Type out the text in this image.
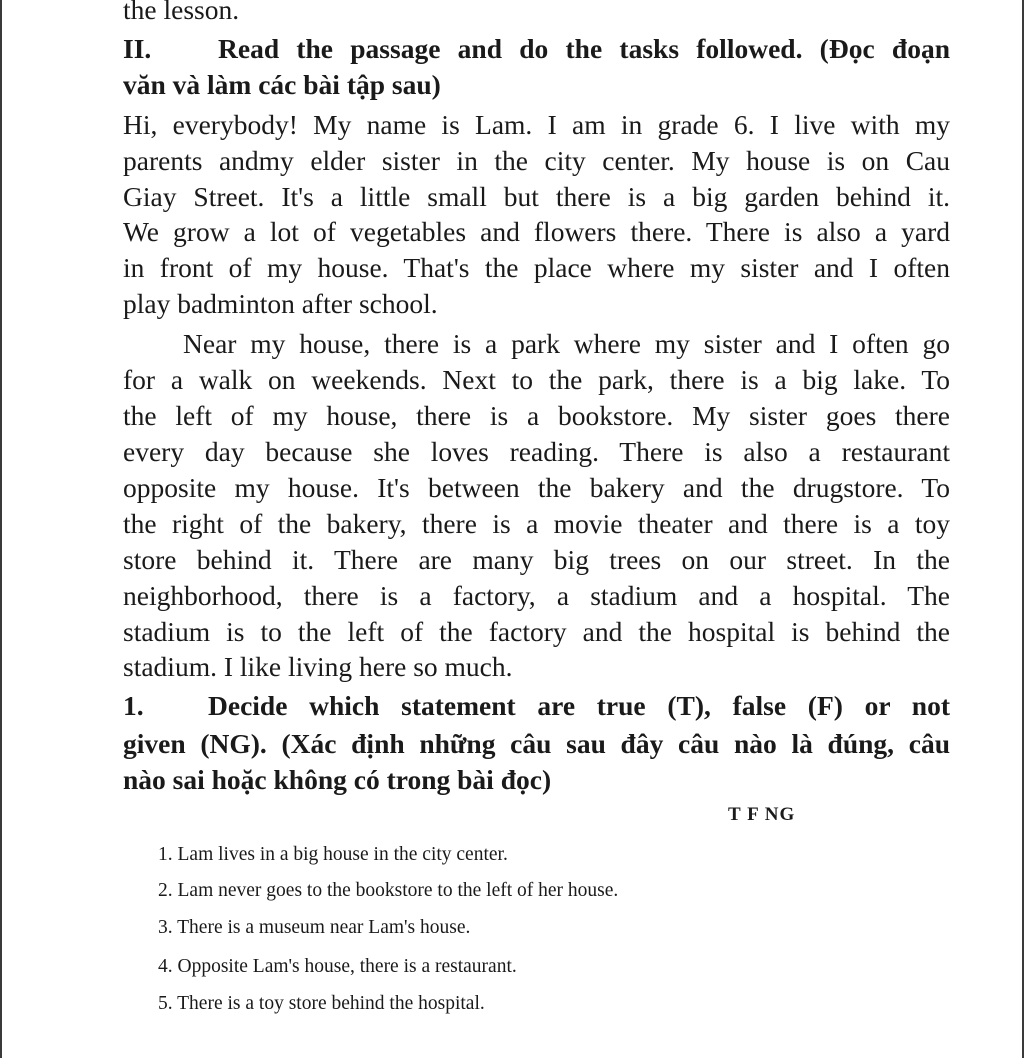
the lesson.
II. Read the passage and do the tasks followed. (Đọc đoạn
văn và làm các bài tập sau)
Hi, everybody! My name is Lam. I am in grade 6. I live with my
parents andmy elder sister in the city center. My house is on Cau
Giay Street. It's a little small but there is a big garden behind it.
We grow a lot of vegetables and flowers there. There is also a yard
in front of my house. That's the place where my sister and I often
play badminton after school.
Near my house, there is a park where my sister and I often go
for a walk on weekends. Next to the park, there is a big lake. To
the left of my house, there is a bookstore. My sister goes there
every day because she loves reading. There is also a restaurant
opposite my house. It's between the bakery and the drugstore. To
the right of the bakery, there is a movie theater and there is a toy
store behind it. There are many big trees on our street. In the
neighborhood, there is a factory, a stadium and a hospital. The
stadium is to the left of the factory and the hospital is behind the
stadium. I like living here so much.
1. Decide which statement are true (T), false (F) or not
given (NG). (Xác định những câu sau đây câu nào là đúng, câu
nào sai hoặc không có trong bài đọc)
T F NG
1. Lam lives in a big house in the city center.
2. Lam never goes to the bookstore to the left of her house.
3. There is a museum near Lam's house.
4. Opposite Lam's house, there is a restaurant.
5. There is a toy store behind the hospital.
